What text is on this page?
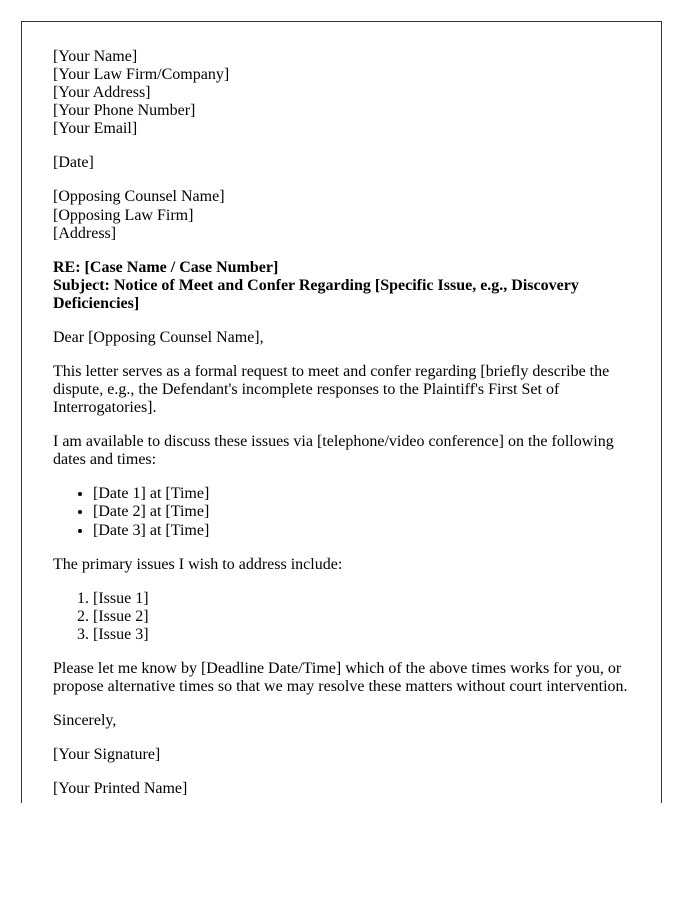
[Your Name]
[Your Law Firm/Company]
[Your Address]
[Your Phone Number]
[Your Email]
[Date]
[Opposing Counsel Name]
[Opposing Law Firm]
[Address]
RE: [Case Name / Case Number]
Subject: Notice of Meet and Confer Regarding [Specific Issue, e.g., Discovery Deficiencies]
Dear [Opposing Counsel Name],
This letter serves as a formal request to meet and confer regarding [briefly describe the dispute, e.g., the Defendant's incomplete responses to the Plaintiff's First Set of Interrogatories].
I am available to discuss these issues via [telephone/video conference] on the following dates and times:
• [Date 1] at [Time]
• [Date 2] at [Time]
• [Date 3] at [Time]
The primary issues I wish to address include:
1. [Issue 1]
2. [Issue 2]
3. [Issue 3]
Please let me know by [Deadline Date/Time] which of the above times works for you, or propose alternative times so that we may resolve these matters without court intervention.
Sincerely,
[Your Signature]
[Your Printed Name]
